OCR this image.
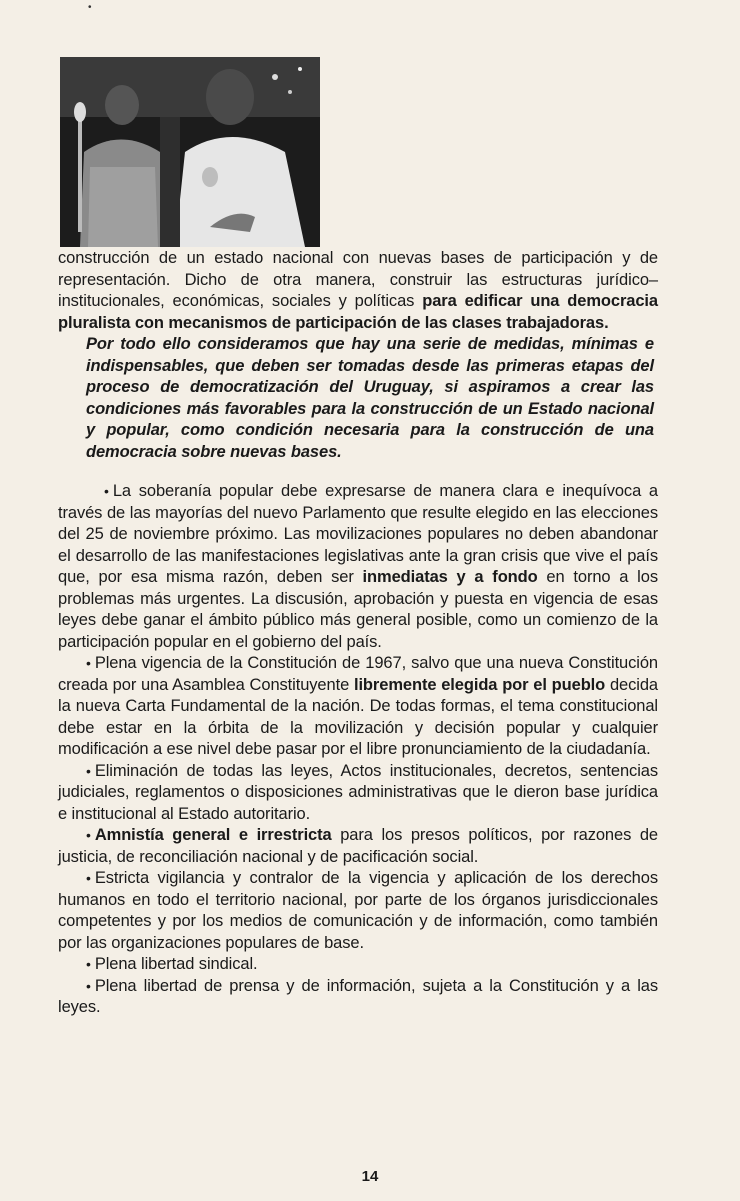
•

construcción de un estado nacional con nuevas bases de participación y de representación. Dicho de otra manera, construir las estructuras jurídico–institucionales, económicas, sociales y políticas para edificar una democracia pluralista con mecanismos de participación de las clases trabajadoras.

Por todo ello consideramos que hay una serie de medidas, mínimas e indispensables, que deben ser tomadas desde las primeras etapas del proceso de democratización del Uruguay, si aspiramos a crear las condiciones más favorables para la construcción de un Estado nacional y popular, como condición necesaria para la construcción de una democracia sobre nuevas bases.

• La soberanía popular debe expresarse de manera clara e inequívoca a través de las mayorías del nuevo Parlamento que resulte elegido en las elecciones del 25 de noviembre próximo. Las movilizaciones populares no deben abandonar el desarrollo de las manifestaciones legislativas ante la gran crisis que vive el país que, por esa misma razón, deben ser inmediatas y a fondo en torno a los problemas más urgentes. La discusión, aprobación y puesta en vigencia de esas leyes debe ganar el ámbito público más general posible, como un comienzo de la participación popular en el gobierno del país.

• Plena vigencia de la Constitución de 1967, salvo que una nueva Constitución creada por una Asamblea Constituyente libremente elegida por el pueblo decida la nueva Carta Fundamental de la nación. De todas formas, el tema constitucional debe estar en la órbita de la movilización y decisión popular y cualquier modificación a ese nivel debe pasar por el libre pronunciamiento de la ciudadanía.

• Eliminación de todas las leyes, Actos institucionales, decretos, sentencias judiciales, reglamentos o disposiciones administrativas que le dieron base jurídica e institucional al Estado autoritario.

• Amnistía general e irrestricta para los presos políticos, por razones de justicia, de reconciliación nacional y de pacificación social.

• Estricta vigilancia y contralor de la vigencia y aplicación de los derechos humanos en todo el territorio nacional, por parte de los órganos jurisdiccionales competentes y por los medios de comunicación y de información, como también por las organizaciones populares de base.

• Plena libertad sindical.

• Plena libertad de prensa y de información, sujeta a la Constitución y a las leyes.

14
